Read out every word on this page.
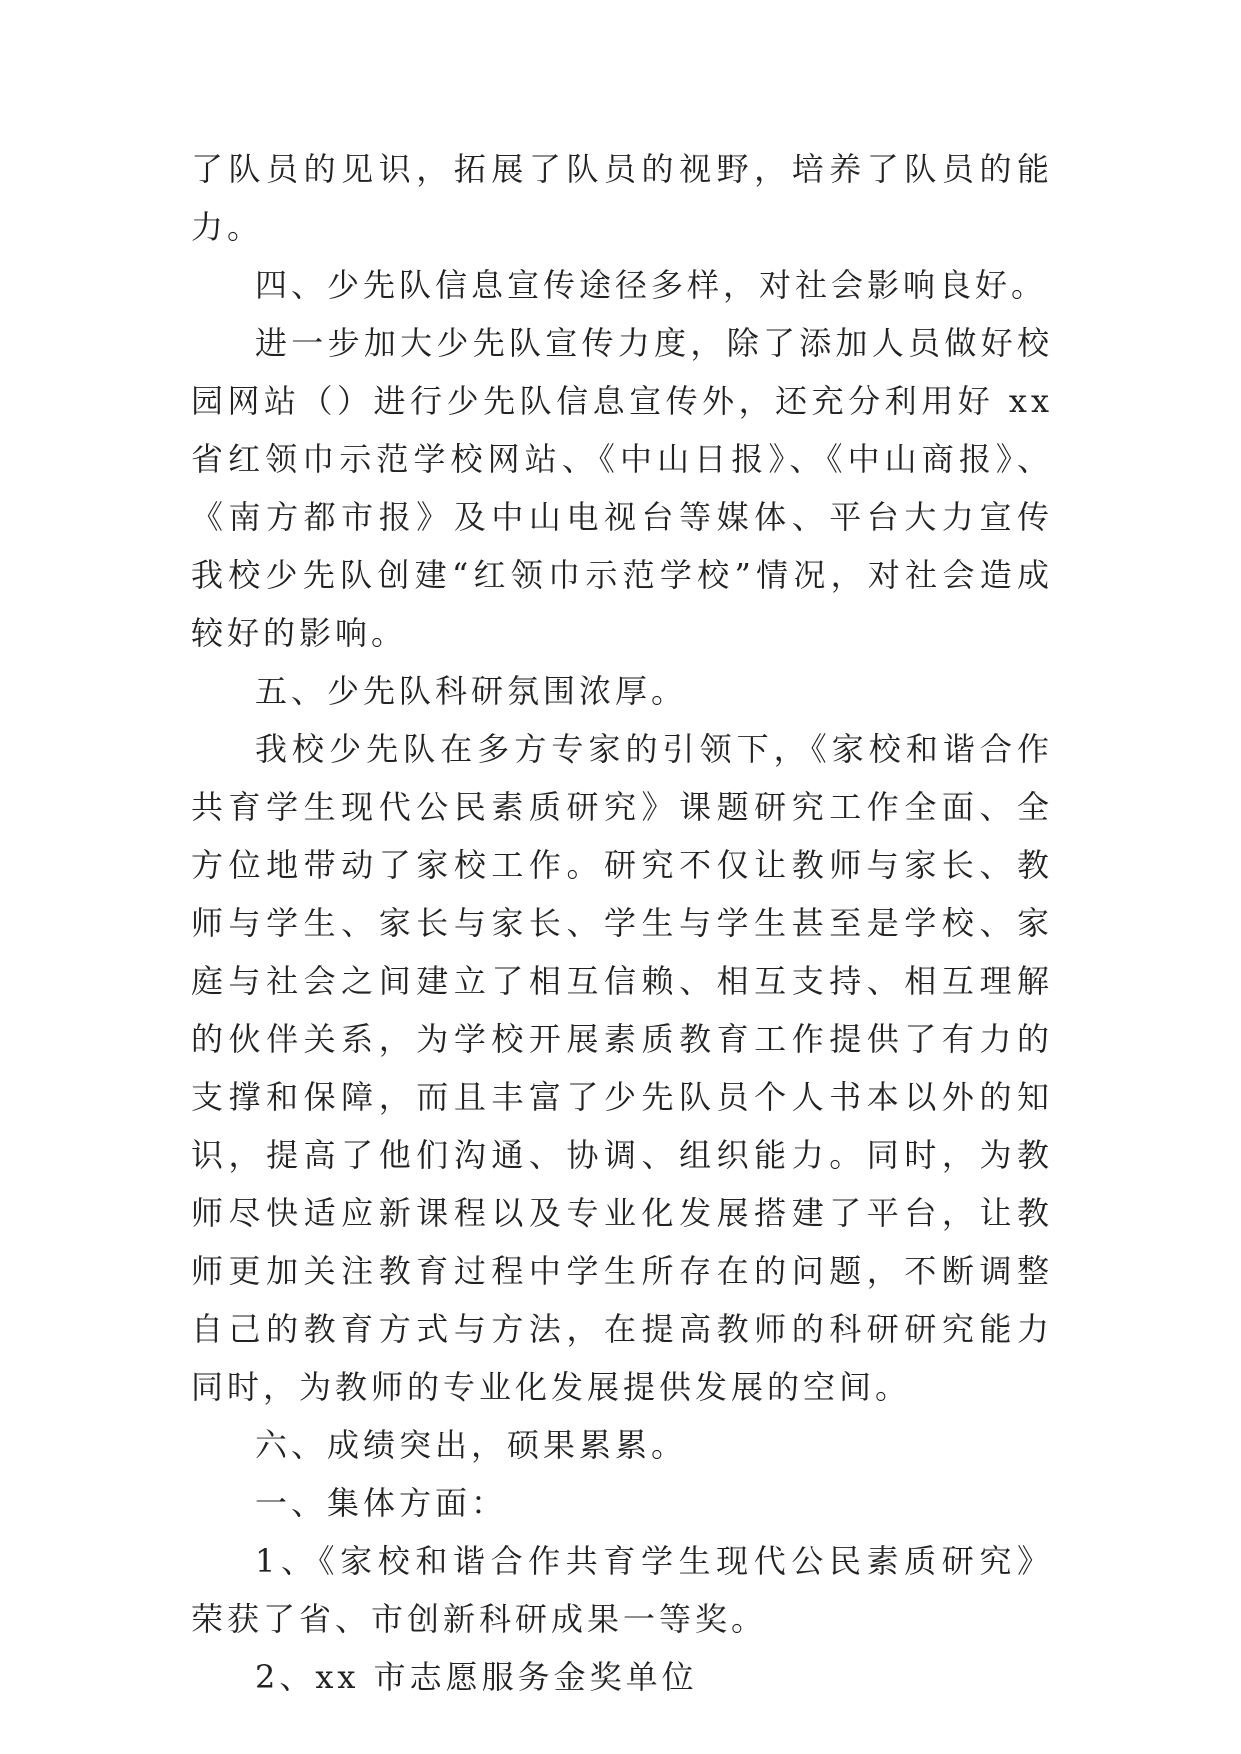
了队员的见识，拓展了队员的视野，培养了队员的能力。

四、少先队信息宣传途径多样，对社会影响良好。

进一步加大少先队宣传力度，除了添加人员做好校园网站（）进行少先队信息宣传外，还充分利用好 xx 省红领巾示范学校网站、《中山日报》、《中山商报》、《南方都市报》及中山电视台等媒体、平台大力宣传我校少先队创建“红领巾示范学校”情况，对社会造成较好的影响。

五、少先队科研氛围浓厚。

我校少先队在多方专家的引领下，《家校和谐合作共育学生现代公民素质研究》课题研究工作全面、全方位地带动了家校工作。研究不仅让教师与家长、教师与学生、家长与家长、学生与学生甚至是学校、家庭与社会之间建立了相互信赖、相互支持、相互理解的伙伴关系，为学校开展素质教育工作提供了有力的支撑和保障，而且丰富了少先队员个人书本以外的知识，提高了他们沟通、协调、组织能力。同时，为教师尽快适应新课程以及专业化发展搭建了平台，让教师更加关注教育过程中学生所存在的问题，不断调整自己的教育方式与方法，在提高教师的科研研究能力同时，为教师的专业化发展提供发展的空间。

六、成绩突出，硕果累累。

一、集体方面：

1、《家校和谐合作共育学生现代公民素质研究》荣获了省、市创新科研成果一等奖。

2、xx 市志愿服务金奖单位
